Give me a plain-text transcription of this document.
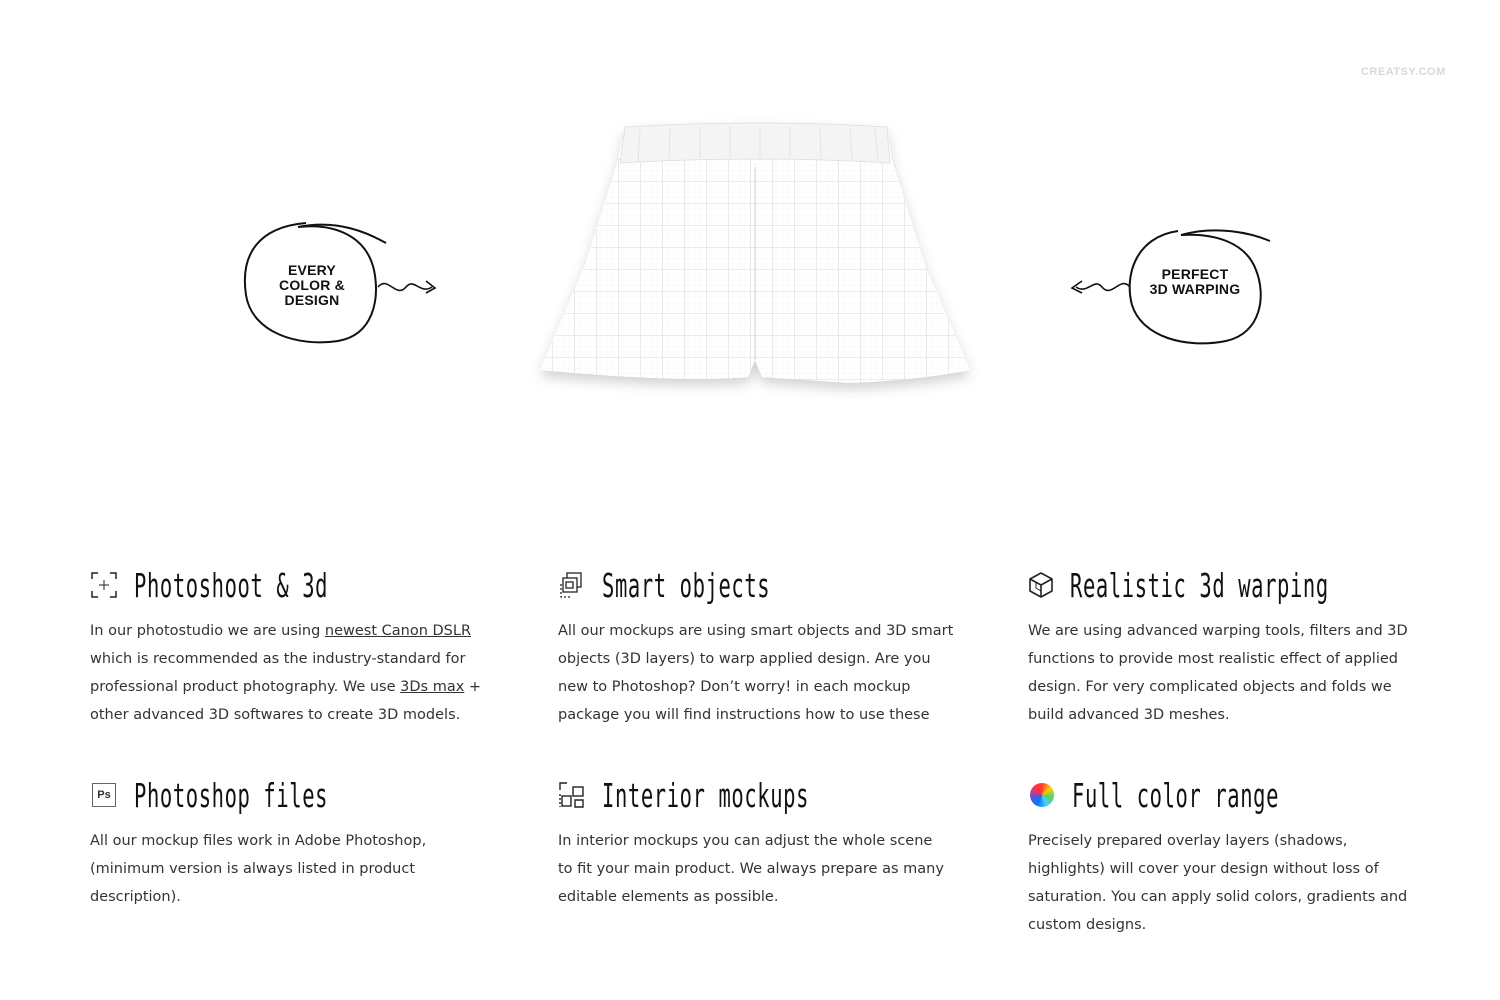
CREATSY.COM
EVERY
COLOR &
DESIGN
PERFECT
3D WARPING
Photoshoot & 3d
In our photostudio we are using newest Canon DSLR which is recommended as the industry-standard for professional product photography. We use 3Ds max + other advanced 3D softwares to create 3D models.
Smart objects
All our mockups are using smart objects and 3D smart objects (3D layers) to warp applied design. Are you new to Photoshop? Don’t worry! in each mockup package you will find instructions how to use these
Realistic 3d warping
We are using advanced warping tools, filters and 3D functions to provide most realistic effect of applied design. For very complicated objects and folds we build advanced 3D meshes.
Ps Photoshop files
All our mockup files work in Adobe Photoshop, (minimum version is always listed in product description).
Interior mockups
In interior mockups you can adjust the whole scene to fit your main product. We always prepare as many editable elements as possible.
Full color range
Precisely prepared overlay layers (shadows, highlights) will cover your design without loss of saturation. You can apply solid colors, gradients and custom designs.
